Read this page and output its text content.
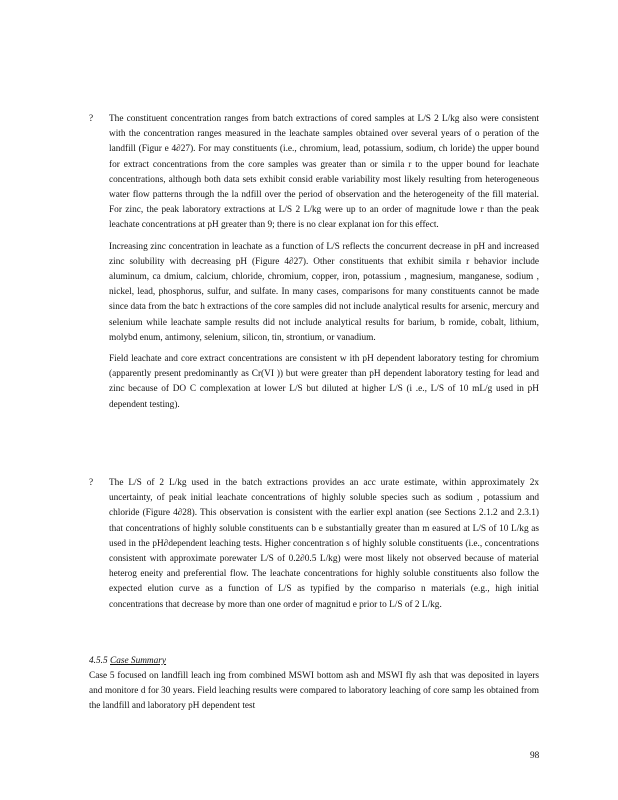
? The constituent concentration ranges from batch extractions of cored samples at L/S 2 L/kg also were consistent with the concentration ranges measured in the leachate samples obtained over several years of o peration of the landfill (Figur e 4∂27). For may constituents (i.e., chromium, lead, potassium, sodium, ch loride) the upper bound for extract concentrations from the core samples was greater than or simila r to the upper bound for leachate concentrations, although both data sets exhibit consid erable variability most likely resulting from heterogeneous water flow patterns through the la ndfill over the period of observation and the heterogeneity of the fill material. For zinc, the peak laboratory extractions at L/S 2 L/kg were up to an order of magnitude lowe r than the peak leachate concentrations at pH greater than 9; there is no clear explanat ion for this effect.

Increasing zinc concentration in leachate as a function of L/S reflects the concurrent decrease in pH and increased zinc solubility with decreasing pH (Figure 4∂27). Other constituents that exhibit simila r behavior include aluminum, ca dmium, calcium, chloride, chromium, copper, iron, potassium , magnesium, manganese, sodium , nickel, lead, phosphorus, sulfur, and sulfate. In many cases, comparisons for many constituents cannot be made since data from the batc h extractions of the core samples did not include analytical results for arsenic, mercury and selenium while leachate sample results did not include analytical results for barium, b romide, cobalt, lithium, molybd enum, antimony, selenium, silicon, tin, strontium, or vanadium.

Field leachate and core extract concentrations are consistent w ith pH dependent laboratory testing for chromium (apparently present predominantly as Cr(VI )) but were greater than pH dependent laboratory testing for lead and zinc because of DO C complexation at lower L/S but diluted at higher L/S (i .e., L/S of 10 mL/g used in pH dependent testing).

? The L/S of 2 L/kg used in the batch extractions provides an acc urate estimate, within approximately 2x uncertainty, of peak initial leachate concentrations of highly soluble species such as sodium , potassium and chloride (Figure 4∂28). This observation is consistent with the earlier expl anation (see Sections 2.1.2 and 2.3.1) that concentrations of highly soluble constituents can b e substantially greater than m easured at L/S of 10 L/kg as used in the pH∂dependent leaching tests. Higher concentration s of highly soluble constituents (i.e., concentrations consistent with approximate porewater L/S of 0.2∂0.5 L/kg) were most likely not observed because of material heterog eneity and preferential flow. The leachate concentrations for highly soluble constituents also follow the expected elution curve as a function of L/S as typified by the compariso n materials (e.g., high initial concentrations that decrease by more than one order of magnitud e prior to L/S of 2 L/kg.

4.5.5 Case Summary

Case 5 focused on landfill leach ing from combined MSWI bottom ash and MSWI fly ash that was deposited in layers and monitore d for 30 years. Field leaching results were compared to laboratory leaching of core samp les obtained from the landfill and laboratory pH dependent test

98
